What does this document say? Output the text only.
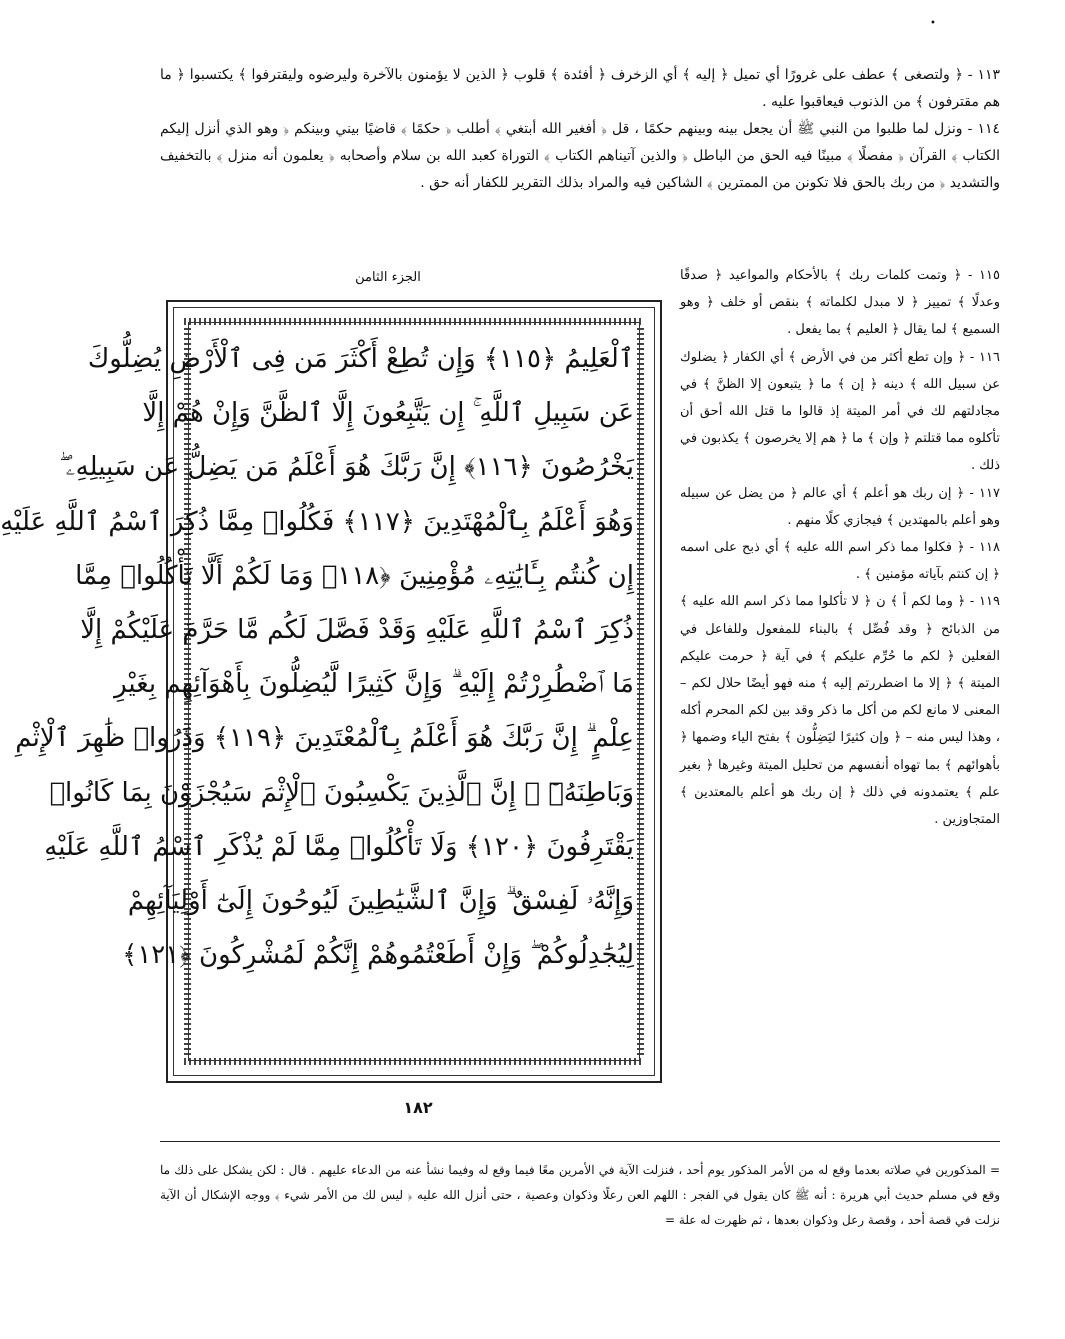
•

١١٣ - ﴿ ولتصغى ﴾ عطف على غرورًا أي تميل ﴿ إليه ﴾ أي الزخرف ﴿ أفئدة ﴾ قلوب ﴿ الذين لا يؤمنون بالآخرة وليرضوه وليقترفوا ﴾ يكتسبوا ﴿ ما هم مقترفون ﴾ من الذنوب فيعاقبوا عليه .

١١٤ - ونزل لما طلبوا من النبي ﷺ أن يجعل بينه وبينهم حكمًا ، قل ﴿ أفغير الله أبتغي ﴾ أطلب ﴿ حكمًا ﴾ قاضيًا بيني وبينكم ﴿ وهو الذي أنزل إليكم الكتاب ﴾ القرآن ﴿ مفصلًا ﴾ مبينًا فيه الحق من الباطل ﴿ والذين آتيناهم الكتاب ﴾ التوراة كعبد الله بن سلام وأصحابه ﴿ يعلمون أنه منزل ﴾ بالتخفيف والتشديد ﴿ من ربك بالحق فلا تكونن من الممترين ﴾ الشاكين فيه والمراد بذلك التقرير للكفار أنه حق .

الجزء الثامن
ٱلْعَلِيمُ ﴿١١٥﴾ وَإِن تُطِعْ أَكْثَرَ مَن فِى ٱلْأَرْضِ يُضِلُّوكَ
عَن سَبِيلِ ٱللَّهِ ۚ إِن يَتَّبِعُونَ إِلَّا ٱلظَّنَّ وَإِنْ هُمْ إِلَّا
يَخْرُصُونَ ﴿١١٦﴾ إِنَّ رَبَّكَ هُوَ أَعْلَمُ مَن يَضِلُّ عَن سَبِيلِهِۦ ۖ
وَهُوَ أَعْلَمُ بِٱلْمُهْتَدِينَ ﴿١١٧﴾ فَكُلُوا۟ مِمَّا ذُكِرَ ٱسْمُ ٱللَّهِ عَلَيْهِ
إِن كُنتُم بِـَٔايَٰتِهِۦ مُؤْمِنِينَ ﴿١١٨﴾ وَمَا لَكُمْ أَلَّا تَأْكُلُوا۟ مِمَّا
ذُكِرَ ٱسْمُ ٱللَّهِ عَلَيْهِ وَقَدْ فَصَّلَ لَكُم مَّا حَرَّمَ عَلَيْكُمْ إِلَّا
مَا ٱضْطُرِرْتُمْ إِلَيْهِ ۗ وَإِنَّ كَثِيرًا لَّيُضِلُّونَ بِأَهْوَآئِهِم بِغَيْرِ
عِلْمٍ ۗ إِنَّ رَبَّكَ هُوَ أَعْلَمُ بِٱلْمُعْتَدِينَ ﴿١١٩﴾ وَذَرُوا۟ ظَٰهِرَ ٱلْإِثْمِ
وَبَاطِنَهُۥٓ ۚ إِنَّ ٱلَّذِينَ يَكْسِبُونَ ٱلْإِثْمَ سَيُجْزَوْنَ بِمَا كَانُوا۟
يَقْتَرِفُونَ ﴿١٢٠﴾ وَلَا تَأْكُلُوا۟ مِمَّا لَمْ يُذْكَرِ ٱسْمُ ٱللَّهِ عَلَيْهِ
وَإِنَّهُۥ لَفِسْقٌ ۗ وَإِنَّ ٱلشَّيَٰطِينَ لَيُوحُونَ إِلَىٰٓ أَوْلِيَآئِهِمْ
لِيُجَٰدِلُوكُمْ ۖ وَإِنْ أَطَعْتُمُوهُمْ إِنَّكُمْ لَمُشْرِكُونَ ﴿١٢١﴾

١١٥ - ﴿ وتمت كلمات ربك ﴾ بالأحكام والمواعيد ﴿ صدقًا وعدلًا ﴾ تمييز ﴿ لا مبدل لكلماته ﴾ بنقص أو خلف ﴿ وهو السميع ﴾ لما يقال ﴿ العليم ﴾ بما يفعل .

١١٦ - ﴿ وإن تطع أكثر من في الأرض ﴾ أي الكفار ﴿ يضلوك عن سبيل الله ﴾ دينه ﴿ إن ﴾ ما ﴿ يتبعون إلا الظنَّ ﴾ في مجادلتهم لك في أمر الميتة إذ قالوا ما قتل الله أحق أن تأكلوه مما قتلتم ﴿ وإن ﴾ ما ﴿ هم إلا يخرصون ﴾ يكذبون في ذلك .

١١٧ - ﴿ إن ربك هو أعلم ﴾ أي عالم ﴿ من يضل عن سبيله وهو أعلم بالمهتدين ﴾ فيجازي كلًا منهم .

١١٨ - ﴿ فكلوا مما ذكر اسم الله عليه ﴾ أي ذبح على اسمه ﴿ إن كنتم بآياته مؤمنين ﴾ .

١١٩ - ﴿ وما لكم أ ﴾ ن ﴿ لا تأكلوا مما ذكر اسم الله عليه ﴾ من الذبائح ﴿ وقد فُصِّل ﴾ بالبناء للمفعول وللفاعل في الفعلين ﴿ لكم ما حُرِّم عليكم ﴾ في آية ﴿ حرمت عليكم الميتة ﴾ ﴿ إلا ما اضطررتم إليه ﴾ منه فهو أيضًا حلال لكم – المعنى لا مانع لكم من أكل ما ذكر وقد بين لكم المحرم أكله ، وهذا ليس منه – ﴿ وإن كثيرًا ليَضِلُّون ﴾ بفتح الياء وضمها ﴿ بأهوائهم ﴾ بما تهواه أنفسهم من تحليل الميتة وغيرها ﴿ بغير علم ﴾ يعتمدونه في ذلك ﴿ إن ربك هو أعلم بالمعتدين ﴾ المتجاوزين .

١٨٢
= المذكورين في صلاته بعدما وقع له من الأمر المذكور يوم أحد ، فنزلت الآية في الأمرين معًا فيما وقع له وفيما نشأ عنه من الدعاء عليهم . قال : لكن يشكل على ذلك ما وقع في مسلم حديث أبي هريرة : أنه ﷺ كان يقول في الفجر : اللهم العن رعلًا وذكوان وعصية ، حتى أنزل الله عليه ﴿ ليس لك من الأمر شيء ﴾ ووجه الإشكال أن الآية نزلت في قصة أحد ، وقصة رعل وذكوان بعدها ، ثم ظهرت له علة =
